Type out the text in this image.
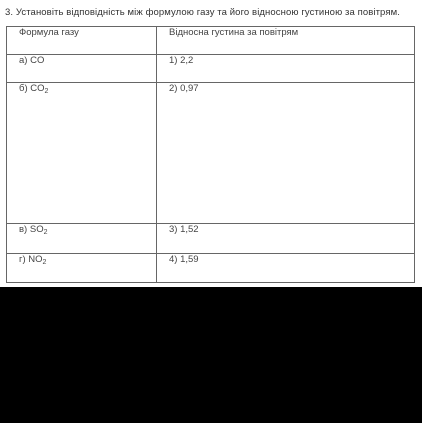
3. Установіть відповідність між формулою газу та його відносною густиною за повітрям.
Формула газу	Відносна густина за повітрям
а) CO	1) 2,2
б) $CO_2$	2) 0,97
в) $SO_2$	3) 1,52
г) $NO_2$	4) 1,59
